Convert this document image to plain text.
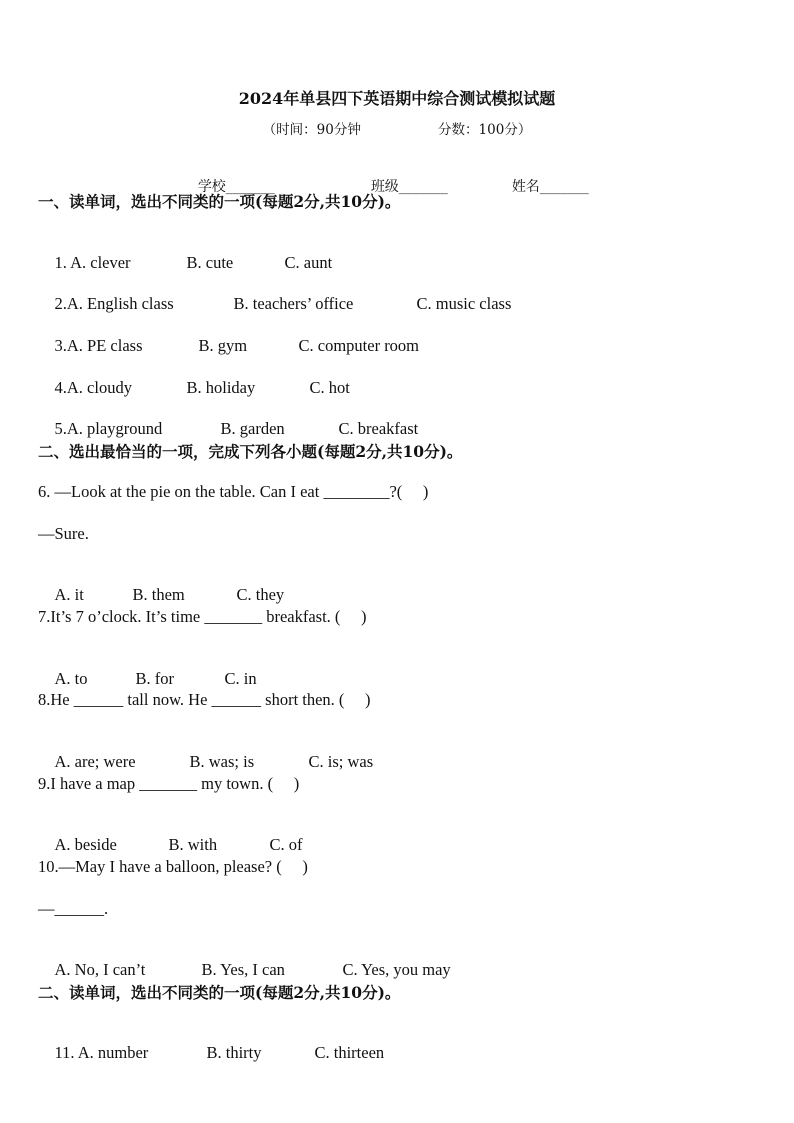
2024年单县四下英语期中综合测试模拟试题
（时间：90分钟                  分数：100分）

学校_______	班级_______	姓名_______

一、读单词，选出不同类的一项(每题2分,共10分)。

1. A. clever	B. cute	C. aunt

2.A. English class	B. teachers’ office	C. music class

3.A. PE class	B. gym	C. computer room

4.A. cloudy	B. holiday	C. hot

5.A. playground	B. garden	C. breakfast

二、选出最恰当的一项，完成下列各小题(每题2分,共10分)。
6. —Look at the pie on the table. Can I eat ________?(     )
—Sure.

A. it	B. them	C. they

7.It’s 7 o’clock. It’s time _______ breakfast. (     )

A. to	B. for	C. in

8.He ______ tall now. He ______ short then. (     )

A. are; were	B. was; is	C. is; was

9.I have a map _______ my town. (     )

A. beside	B. with	C. of

10.—May I have a balloon, please? (     )
—______.

A. No, I can’t	B. Yes, I can	C. Yes, you may

二、读单词，选出不同类的一项(每题2分,共10分)。

11. A. number	B. thirty	C. thirteen
